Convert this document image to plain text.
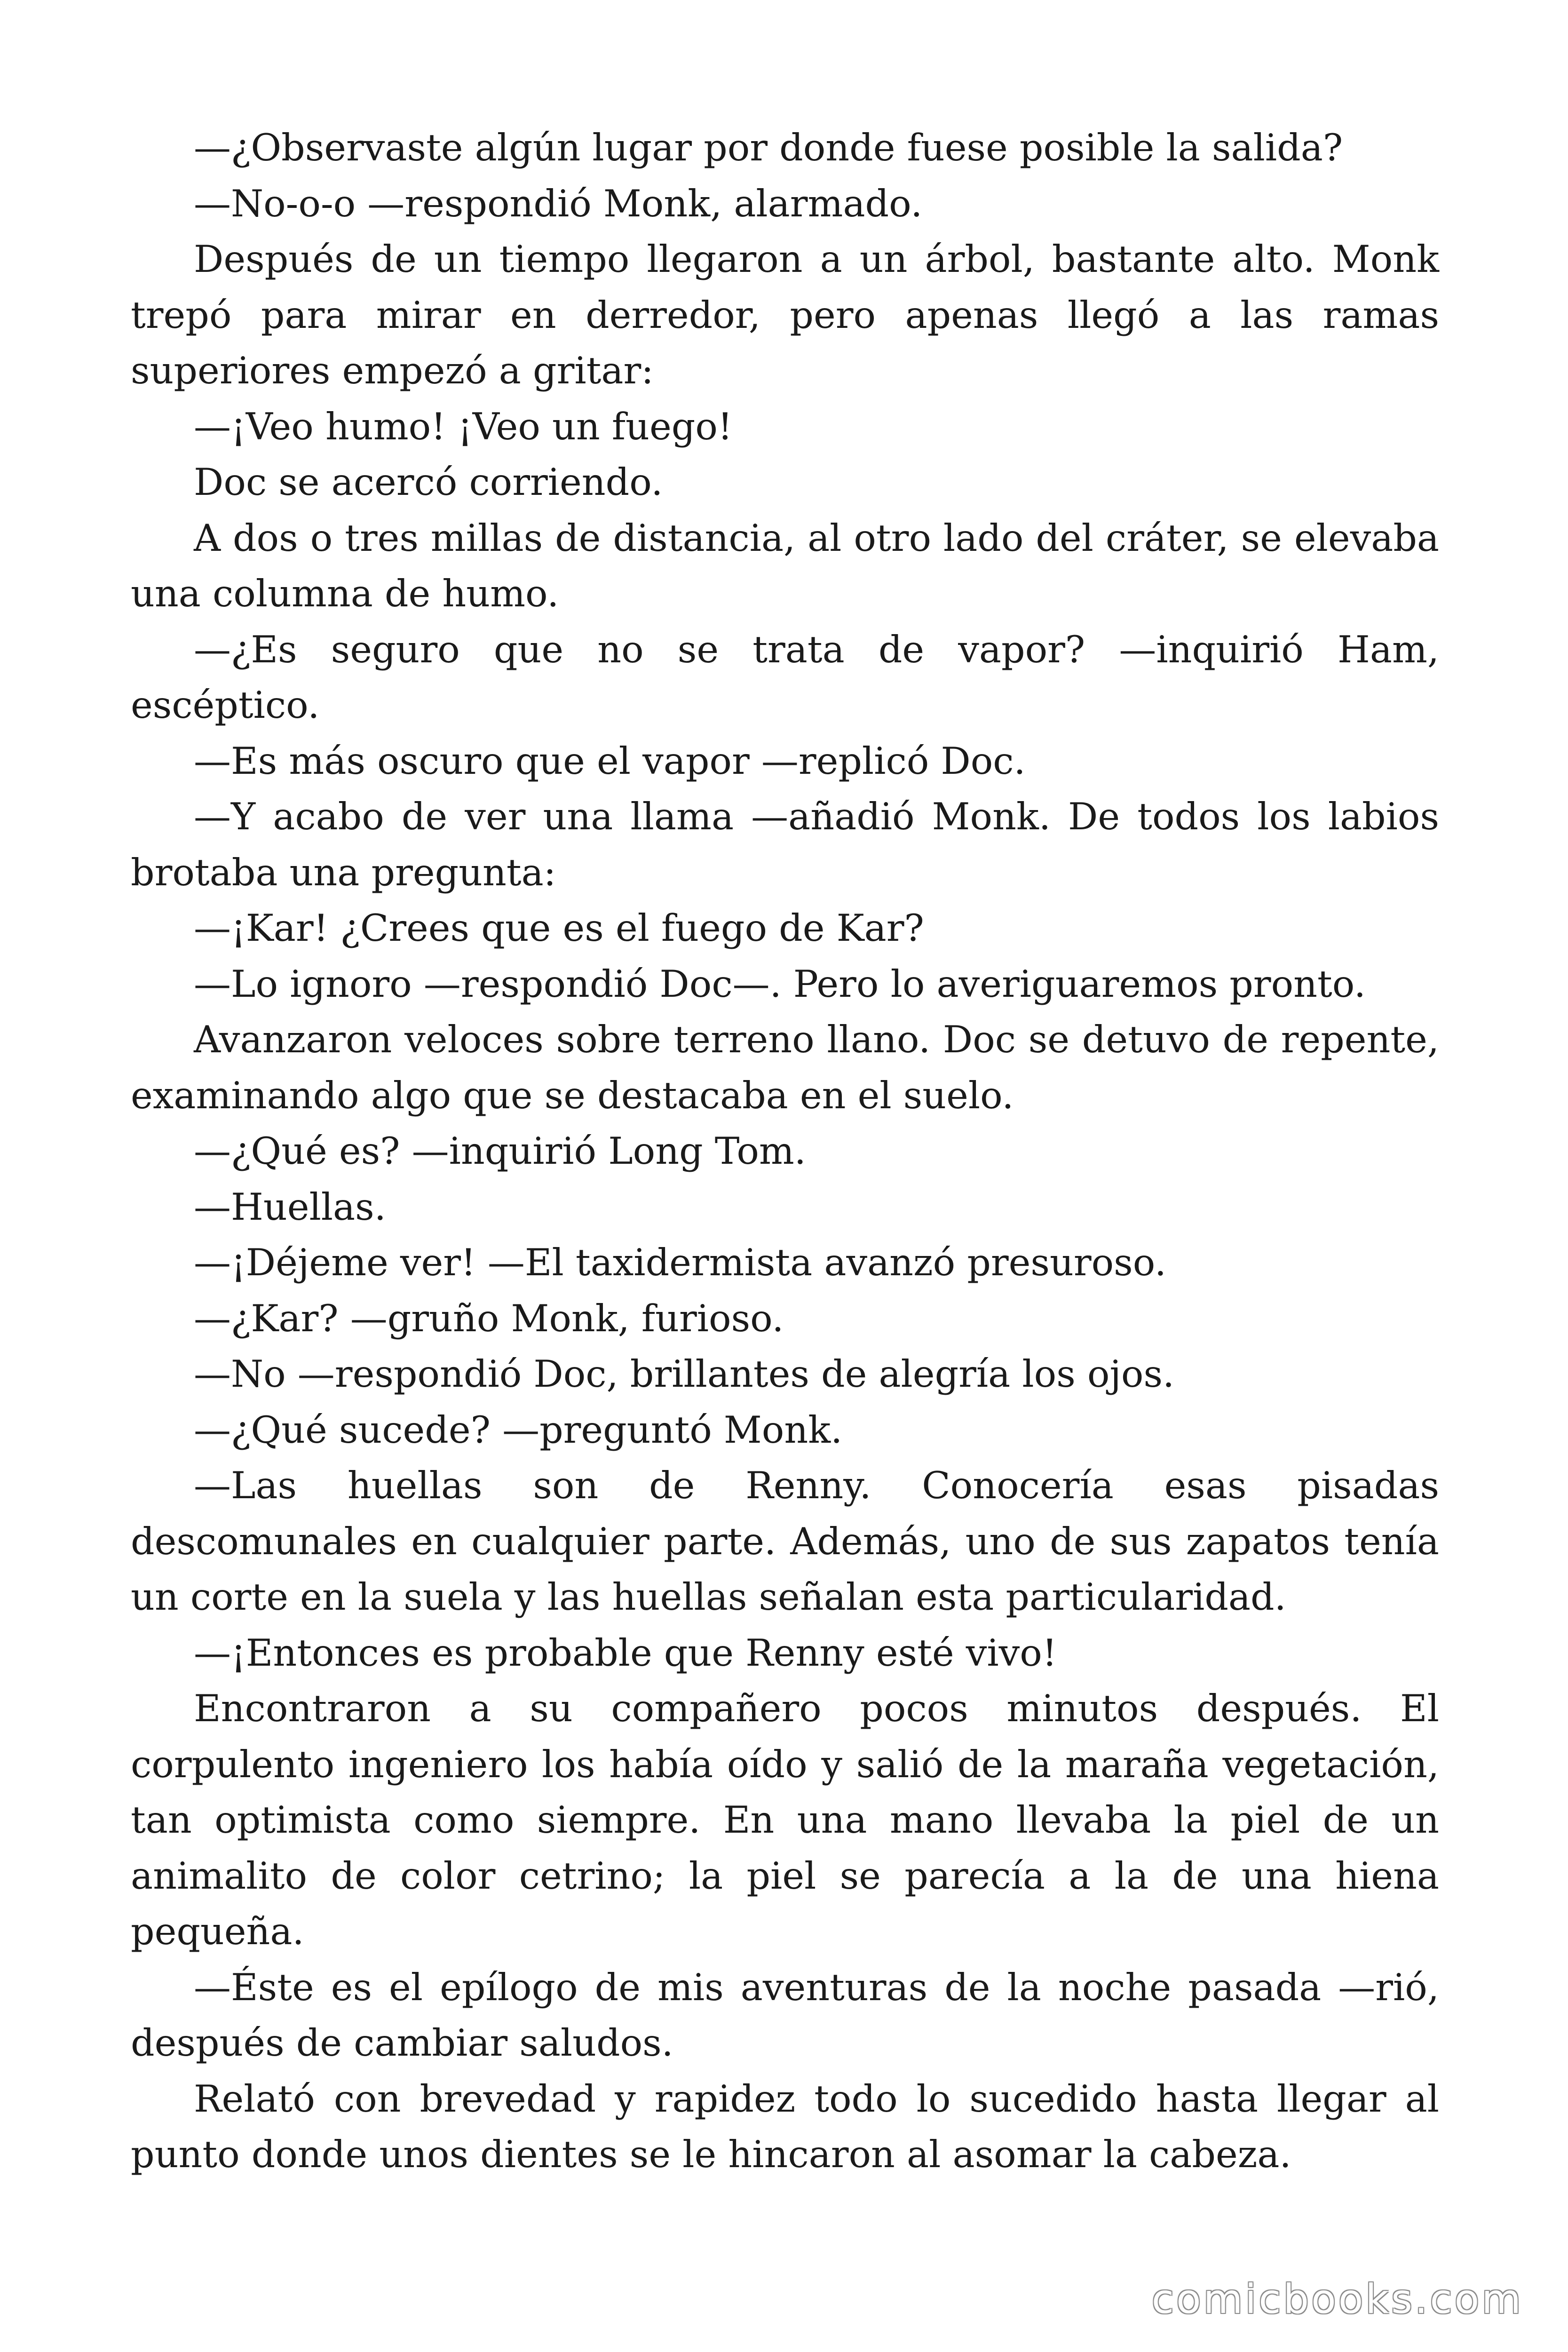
—¿Observaste algún lugar por donde fuese posible la salida?

—No-o-o —respondió Monk, alarmado.

Después de un tiempo llegaron a un árbol, bastante alto. Monk trepó para mirar en derredor, pero apenas llegó a las ramas superiores empezó a gritar:

—¡Veo humo! ¡Veo un fuego!

Doc se acercó corriendo.

A dos o tres millas de distancia, al otro lado del cráter, se elevaba una columna de humo.

—¿Es seguro que no se trata de vapor? —inquirió Ham, escéptico.

—Es más oscuro que el vapor —replicó Doc.

—Y acabo de ver una llama —añadió Monk. De todos los labios brotaba una pregunta:

—¡Kar! ¿Crees que es el fuego de Kar?

—Lo ignoro —respondió Doc—. Pero lo averiguaremos pronto.

Avanzaron veloces sobre terreno llano. Doc se detuvo de repente, examinando algo que se destacaba en el suelo.

—¿Qué es? —inquirió Long Tom.

—Huellas.

—¡Déjeme ver! —El taxidermista avanzó presuroso.

—¿Kar? —gruño Monk, furioso.

—No —respondió Doc, brillantes de alegría los ojos.

—¿Qué sucede? —preguntó Monk.

—Las huellas son de Renny. Conocería esas pisadas descomunales en cualquier parte. Además, uno de sus zapatos tenía un corte en la suela y las huellas señalan esta particularidad.

—¡Entonces es probable que Renny esté vivo!

Encontraron a su compañero pocos minutos después. El corpulento ingeniero los había oído y salió de la maraña vegetación, tan optimista como siempre. En una mano llevaba la piel de un animalito de color cetrino; la piel se parecía a la de una hiena pequeña.

—Éste es el epílogo de mis aventuras de la noche pasada —rió, después de cambiar saludos.

Relató con brevedad y rapidez todo lo sucedido hasta llegar al punto donde unos dientes se le hincaron al asomar la cabeza.

comicbooks.com
